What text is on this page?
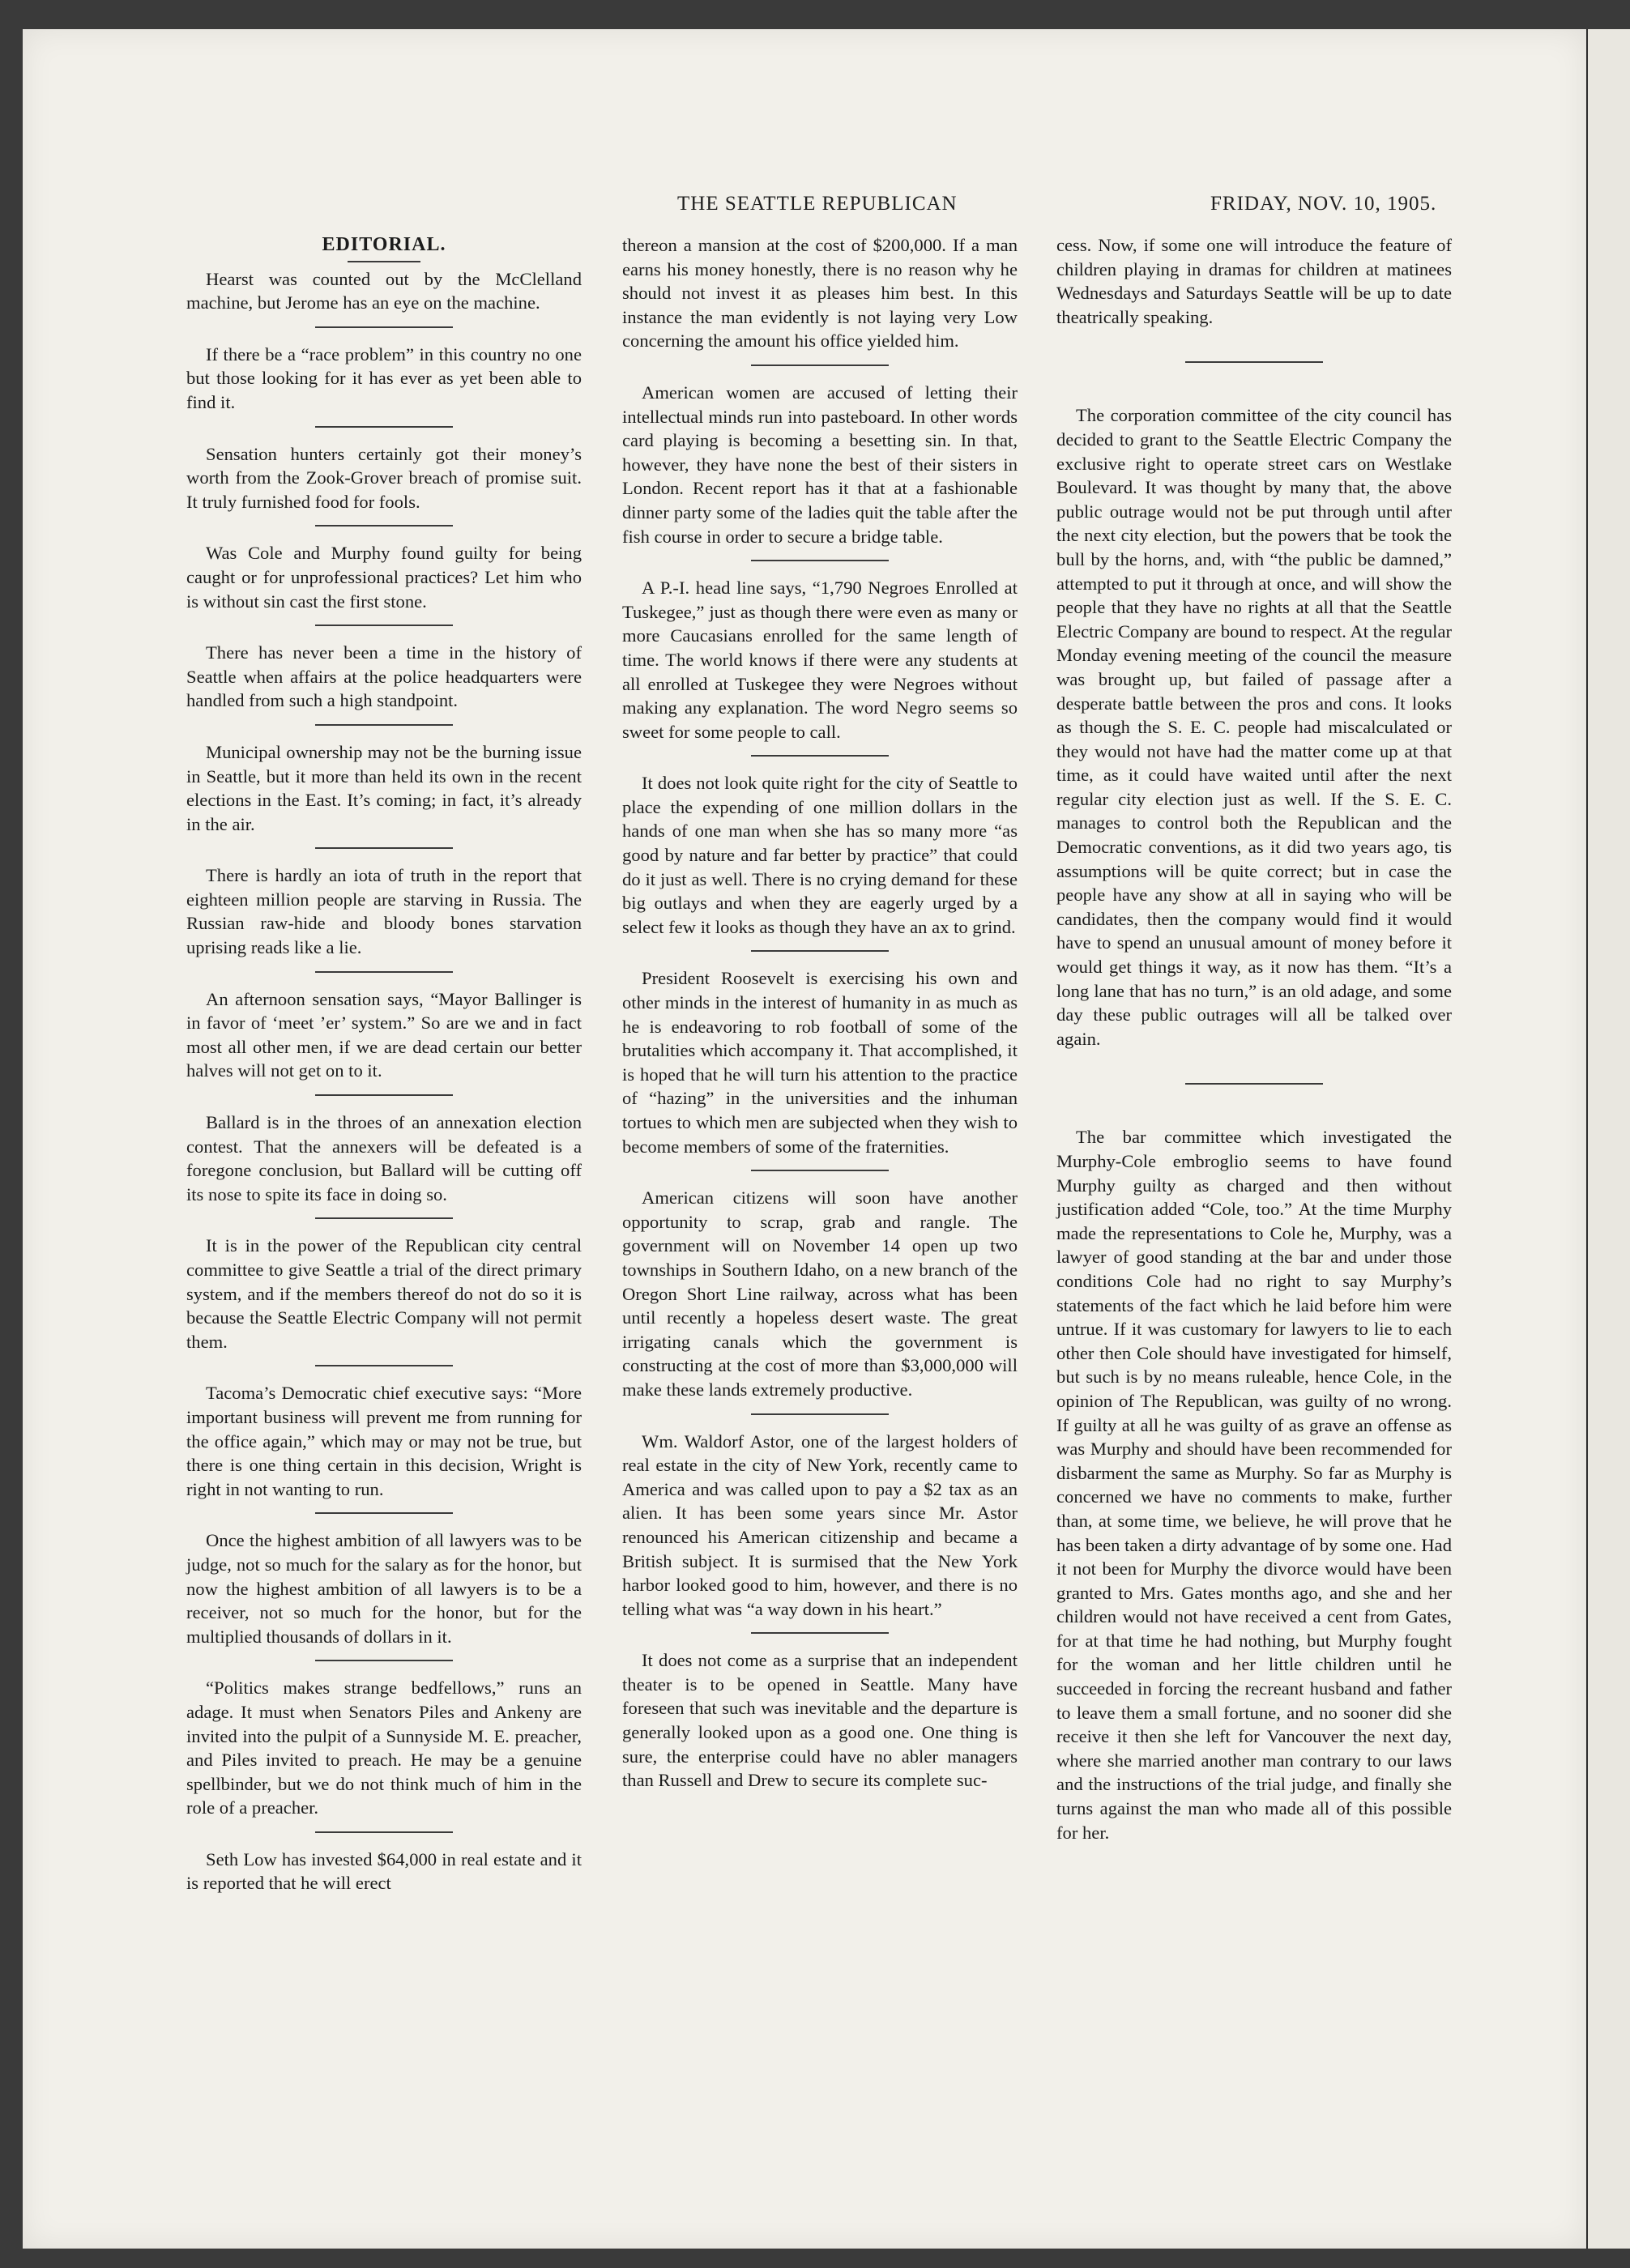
THE SEATTLE REPUBLICAN	FRIDAY, NOV. 10, 1905.
EDITORIAL.

Hearst was counted out by the McClelland machine, but Jerome has an eye on the machine.

If there be a “race problem” in this country no one but those looking for it has ever as yet been able to find it.

Sensation hunters certainly got their money’s worth from the Zook-Grover breach of promise suit. It truly furnished food for fools.

Was Cole and Murphy found guilty for being caught or for unprofessional practices? Let him who is without sin cast the first stone.

There has never been a time in the history of Seattle when affairs at the police headquarters were handled from such a high standpoint.

Municipal ownership may not be the burning issue in Seattle, but it more than held its own in the recent elections in the East. It’s coming; in fact, it’s already in the air.

There is hardly an iota of truth in the report that eighteen million people are starving in Russia. The Russian raw-hide and bloody bones starvation uprising reads like a lie.

An afternoon sensation says, “Mayor Ballinger is in favor of ‘meet ’er’ system.” So are we and in fact most all other men, if we are dead certain our better halves will not get on to it.

Ballard is in the throes of an annexation election contest. That the annexers will be defeated is a foregone conclusion, but Ballard will be cutting off its nose to spite its face in doing so.

It is in the power of the Republican city central committee to give Seattle a trial of the direct primary system, and if the members thereof do not do so it is because the Seattle Electric Company will not permit them.

Tacoma’s Democratic chief executive says: “More important business will prevent me from running for the office again,” which may or may not be true, but there is one thing certain in this decision, Wright is right in not wanting to run.

Once the highest ambition of all lawyers was to be judge, not so much for the salary as for the honor, but now the highest ambition of all lawyers is to be a receiver, not so much for the honor, but for the multiplied thousands of dollars in it.

“Politics makes strange bedfellows,” runs an adage. It must when Senators Piles and Ankeny are invited into the pulpit of a Sunnyside M. E. preacher, and Piles invited to preach. He may be a genuine spellbinder, but we do not think much of him in the role of a preacher.

Seth Low has invested $64,000 in real estate and it is reported that he will erect

thereon a mansion at the cost of $200,000. If a man earns his money honestly, there is no reason why he should not invest it as pleases him best. In this instance the man evidently is not laying very Low concerning the amount his office yielded him.

American women are accused of letting their intellectual minds run into pasteboard. In other words card playing is becoming a besetting sin. In that, however, they have none the best of their sisters in London. Recent report has it that at a fashionable dinner party some of the ladies quit the table after the fish course in order to secure a bridge table.

A P.-I. head line says, “1,790 Negroes Enrolled at Tuskegee,” just as though there were even as many or more Caucasians enrolled for the same length of time. The world knows if there were any students at all enrolled at Tuskegee they were Negroes without making any explanation. The word Negro seems so sweet for some people to call.

It does not look quite right for the city of Seattle to place the expending of one million dollars in the hands of one man when she has so many more “as good by nature and far better by practice” that could do it just as well. There is no crying demand for these big outlays and when they are eagerly urged by a select few it looks as though they have an ax to grind.

President Roosevelt is exercising his own and other minds in the interest of humanity in as much as he is endeavoring to rob football of some of the brutalities which accompany it. That accomplished, it is hoped that he will turn his attention to the practice of “hazing” in the universities and the inhuman tortues to which men are subjected when they wish to become members of some of the fraternities.

American citizens will soon have another opportunity to scrap, grab and rangle. The government will on November 14 open up two townships in Southern Idaho, on a new branch of the Oregon Short Line railway, across what has been until recently a hopeless desert waste. The great irrigating canals which the government is constructing at the cost of more than $3,000,000 will make these lands extremely productive.

Wm. Waldorf Astor, one of the largest holders of real estate in the city of New York, recently came to America and was called upon to pay a $2 tax as an alien. It has been some years since Mr. Astor renounced his American citizenship and became a British subject. It is surmised that the New York harbor looked good to him, however, and there is no telling what was “a way down in his heart.”

It does not come as a surprise that an independent theater is to be opened in Seattle. Many have foreseen that such was inevitable and the departure is generally looked upon as a good one. One thing is sure, the enterprise could have no abler managers than Russell and Drew to secure its complete suc-

cess. Now, if some one will introduce the feature of children playing in dramas for children at matinees Wednesdays and Saturdays Seattle will be up to date theatrically speaking.

The corporation committee of the city council has decided to grant to the Seattle Electric Company the exclusive right to operate street cars on Westlake Boulevard. It was thought by many that, the above public outrage would not be put through until after the next city election, but the powers that be took the bull by the horns, and, with “the public be damned,” attempted to put it through at once, and will show the people that they have no rights at all that the Seattle Electric Company are bound to respect. At the regular Monday evening meeting of the council the measure was brought up, but failed of passage after a desperate battle between the pros and cons. It looks as though the S. E. C. people had miscalculated or they would not have had the matter come up at that time, as it could have waited until after the next regular city election just as well. If the S. E. C. manages to control both the Republican and the Democratic conventions, as it did two years ago, tis assumptions will be quite correct; but in case the people have any show at all in saying who will be candidates, then the company would find it would have to spend an unusual amount of money before it would get things it way, as it now has them. “It’s a long lane that has no turn,” is an old adage, and some day these public outrages will all be talked over again.

The bar committee which investigated the Murphy-Cole embroglio seems to have found Murphy guilty as charged and then without justification added “Cole, too.” At the time Murphy made the representations to Cole he, Murphy, was a lawyer of good standing at the bar and under those conditions Cole had no right to say Murphy’s statements of the fact which he laid before him were untrue. If it was customary for lawyers to lie to each other then Cole should have investigated for himself, but such is by no means ruleable, hence Cole, in the opinion of The Republican, was guilty of no wrong. If guilty at all he was guilty of as grave an offense as was Murphy and should have been recommended for disbarment the same as Murphy. So far as Murphy is concerned we have no comments to make, further than, at some time, we believe, he will prove that he has been taken a dirty advantage of by some one. Had it not been for Murphy the divorce would have been granted to Mrs. Gates months ago, and she and her children would not have received a cent from Gates, for at that time he had nothing, but Murphy fought for the woman and her little children until he succeeded in forcing the recreant husband and father to leave them a small fortune, and no sooner did she receive it then she left for Vancouver the next day, where she married another man contrary to our laws and the instructions of the trial judge, and finally she turns against the man who made all of this possible for her.
